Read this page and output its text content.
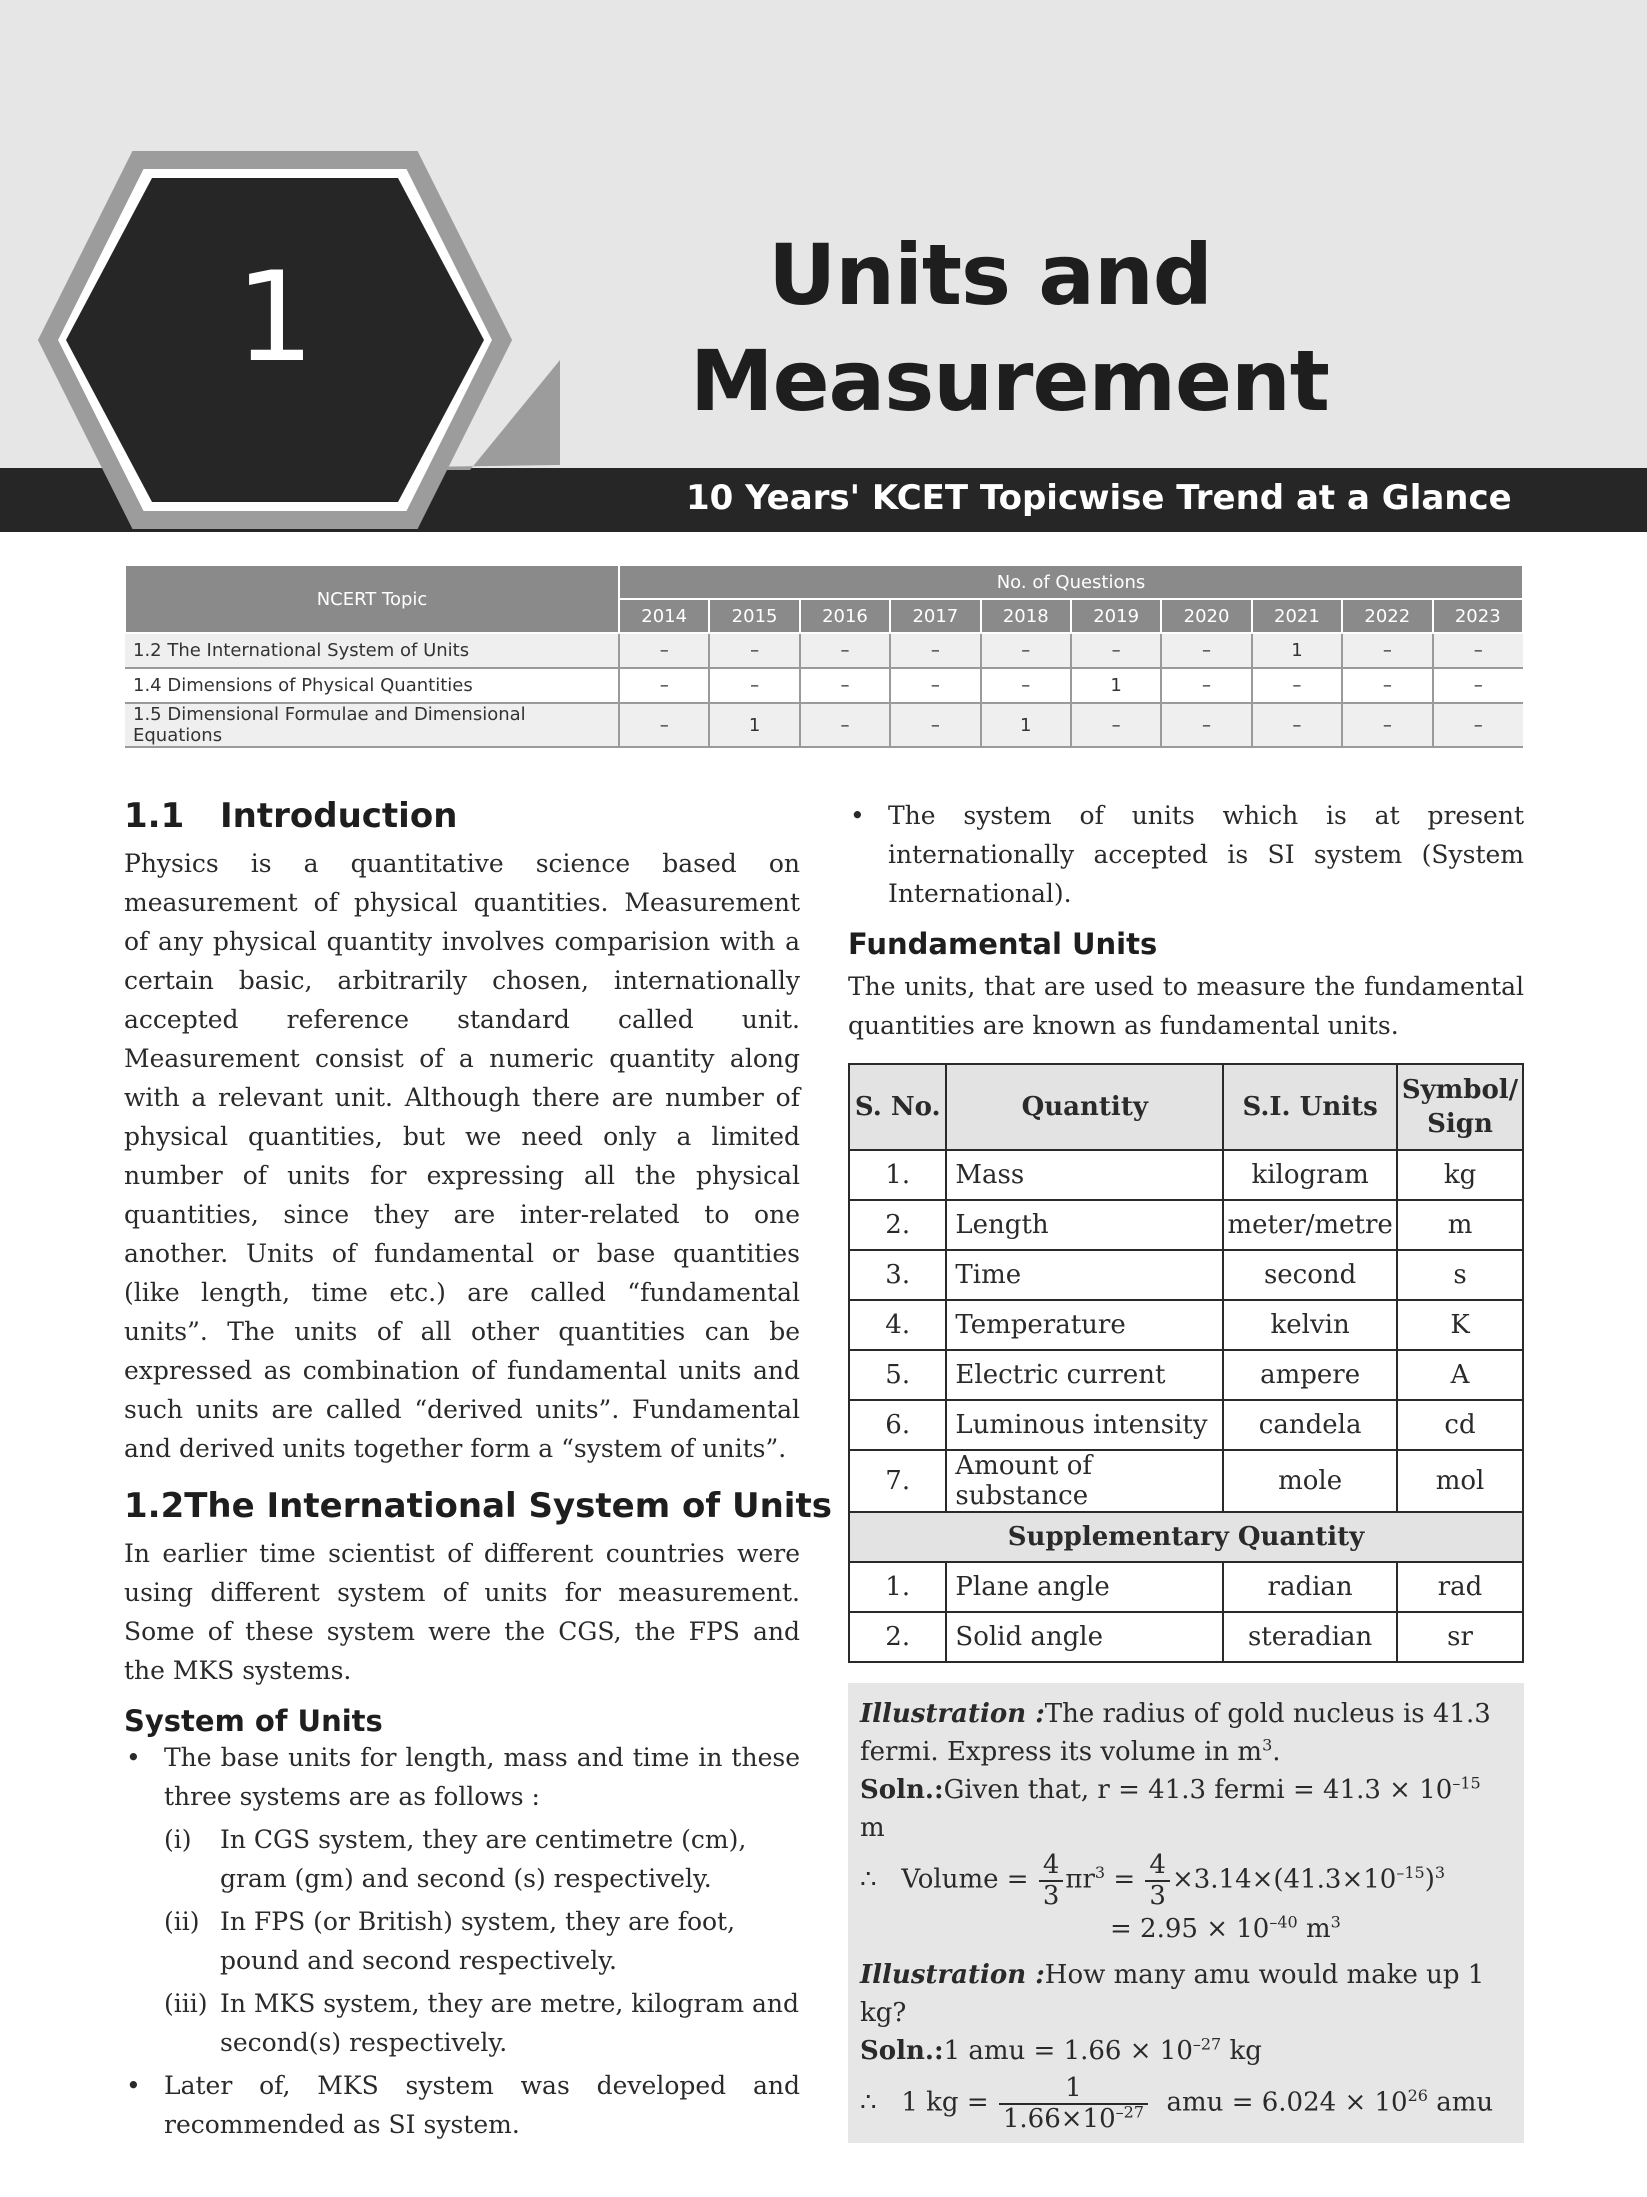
1	Units and Measurement
10 Years' KCET Topicwise Trend at a Glance
NCERT Topic	No. of Questions									
	2014	2015	2016	2017	2018	2019	2020	2021	2022	2023
1.2 The International System of Units	–	–	–	–	–	–	–	1	–	–
1.4 Dimensions of Physical Quantities	–	–	–	–	–	1	–	–	–	–
1.5 Dimensional Formulae and Dimensional Equations	–	1	–	–	1	–	–	–	–	–
1.1	Introduction

Physics is a quantitative science based on measurement of physical quantities. Measurement of any physical quantity involves comparision with a certain basic, arbitrarily chosen, internationally accepted reference standard called unit. Measurement consist of a numeric quantity along with a relevant unit. Although there are number of physical quantities, but we need only a limited number of units for expressing all the physical quantities, since they are inter-related to one another. Units of fundamental or base quantities (like length, time etc.) are called “fundamental units”. The units of all other quantities can be expressed as combination of fundamental units and such units are called “derived units”. Fundamental and derived units together form a “system of units”.

1.2 The International System of Units

In earlier time scientist of different countries were using different system of units for measurement. Some of these system were the CGS, the FPS and the MKS systems.

System of Units
• The base units for length, mass and time in these three systems are as follows :
(i) In CGS system, they are centimetre (cm), gram (gm) and second (s) respectively.
(ii) In FPS (or British) system, they are foot, pound and second respectively.
(iii) In MKS system, they are metre, kilogram and second(s) respectively.
• Later of, MKS system was developed and recommended as SI system.
• The system of units which is at present internationally accepted is SI system (System International).
Fundamental Units

The units, that are used to measure the fundamental quantities are known as fundamental units.

S. No.	Quantity	S.I. Units	Symbol/ Sign
1.	Mass	kilogram	kg
2.	Length	meter/metre	m
3.	Time	second	s
4.	Temperature	kelvin	K
5.	Electric current	ampere	A
6.	Luminous intensity	candela	cd
7.	Amount of substance	mole	mol
Supplementary Quantity			
1.	Plane angle	radian	rad
2.	Solid angle	steradian	sr
Illustration :The radius of gold nucleus is 41.3 fermi. Express its volume in $m^3$.
Soln.:Given that, r = 41.3 fermi = $41.3 \times 10^{-15}$ m
∴ Volume = $\frac{4}{3} \pi r^3 = \frac{4}{3} \times 3.14\times(41.3\times 10^{-15})^3$
= $2.95 \times 10^{-40}$ $m^3$
Illustration :How many amu would make up 1 kg?
Soln.:1 amu = $1.66 \times 10^{-27}$ kg
∴ 1 kg = $\frac{1}{1.66\times 10^{-27}}$ amu = $6.024 \times 10^{26}$ amu
